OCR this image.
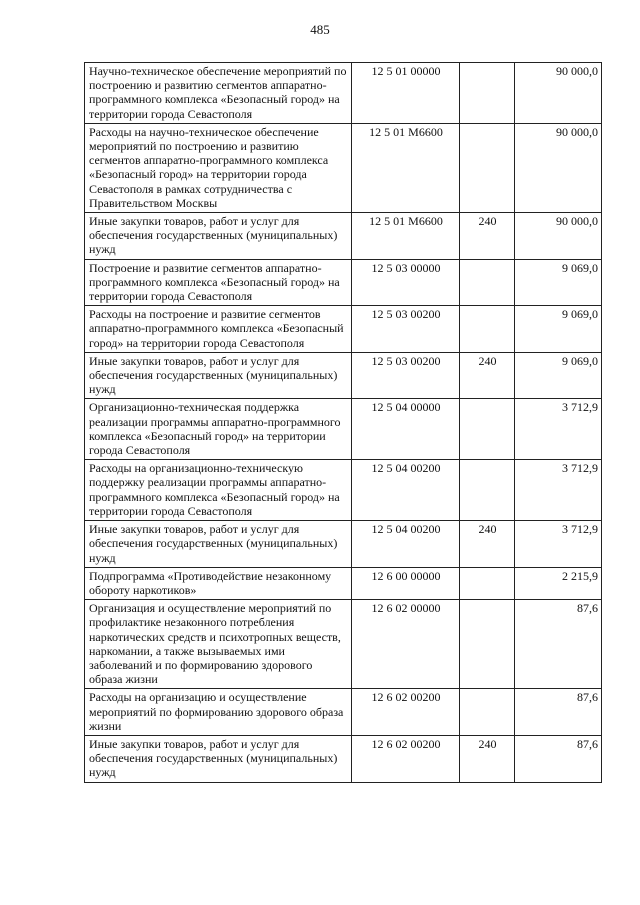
485
Научно-техническое обеспечение мероприятий по построению и развитию сегментов аппаратно-программного комплекса «Безопасный город» на территории города Севастополя	12 5 01 00000		90 000,0
Расходы на научно-техническое обеспечение мероприятий по построению и развитию сегментов аппаратно-программного комплекса «Безопасный город» на территории города Севастополя в рамках сотрудничества с Правительством Москвы	12 5 01 М6600		90 000,0
Иные закупки товаров, работ и услуг для обеспечения государственных (муниципальных) нужд	12 5 01 М6600	240	90 000,0
Построение и развитие сегментов аппаратно-программного комплекса «Безопасный город» на территории города Севастополя	12 5 03 00000		9 069,0
Расходы на построение и развитие сегментов аппаратно-программного комплекса «Безопасный город» на территории города Севастополя	12 5 03 00200		9 069,0
Иные закупки товаров, работ и услуг для обеспечения государственных (муниципальных) нужд	12 5 03 00200	240	9 069,0
Организационно-техническая поддержка реализации программы аппаратно-программного комплекса «Безопасный город» на территории города Севастополя	12 5 04 00000		3 712,9
Расходы на организационно-техническую поддержку реализации программы аппаратно-программного комплекса «Безопасный город» на территории города Севастополя	12 5 04 00200		3 712,9
Иные закупки товаров, работ и услуг для обеспечения государственных (муниципальных) нужд	12 5 04 00200	240	3 712,9
Подпрограмма «Противодействие незаконному обороту наркотиков»	12 6 00 00000		2 215,9
Организация и осуществление мероприятий по профилактике незаконного потребления наркотических средств и психотропных веществ, наркомании, а также вызываемых ими заболеваний и по формированию здорового образа жизни	12 6 02 00000		87,6
Расходы на организацию и осуществление мероприятий по формированию здорового образа жизни	12 6 02 00200		87,6
Иные закупки товаров, работ и услуг для обеспечения государственных (муниципальных) нужд	12 6 02 00200	240	87,6
